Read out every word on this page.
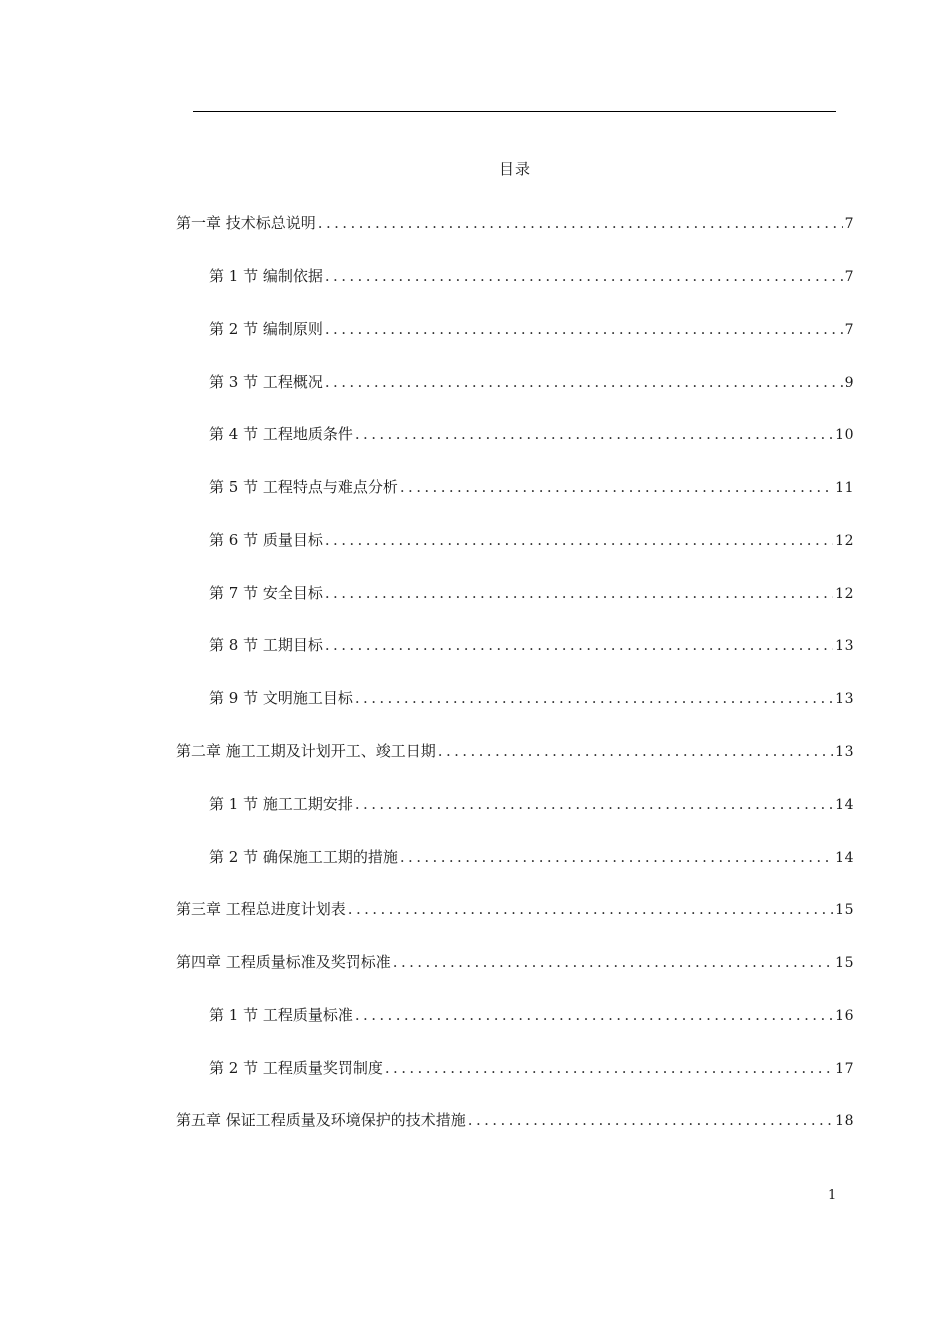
目录
第一章 技术标总说明 .....	7
第 1 节 编制依据 .....	7
第 2 节 编制原则 .....	7
第 3 节 工程概况 .....	9
第 4 节 工程地质条件 .....	10
第 5 节 工程特点与难点分析 .....	11
第 6 节 质量目标 .....	12
第 7 节 安全目标 .....	12
第 8 节 工期目标 .....	13
第 9 节 文明施工目标 .....	13
第二章 施工工期及计划开工、竣工日期 .....	13
第 1 节 施工工期安排 .....	14
第 2 节 确保施工工期的措施 .....	14
第三章 工程总进度计划表 .....	15
第四章 工程质量标准及奖罚标准 .....	15
第 1 节 工程质量标准 .....	16
第 2 节 工程质量奖罚制度 .....	17
第五章 保证工程质量及环境保护的技术措施 .....	18
1
